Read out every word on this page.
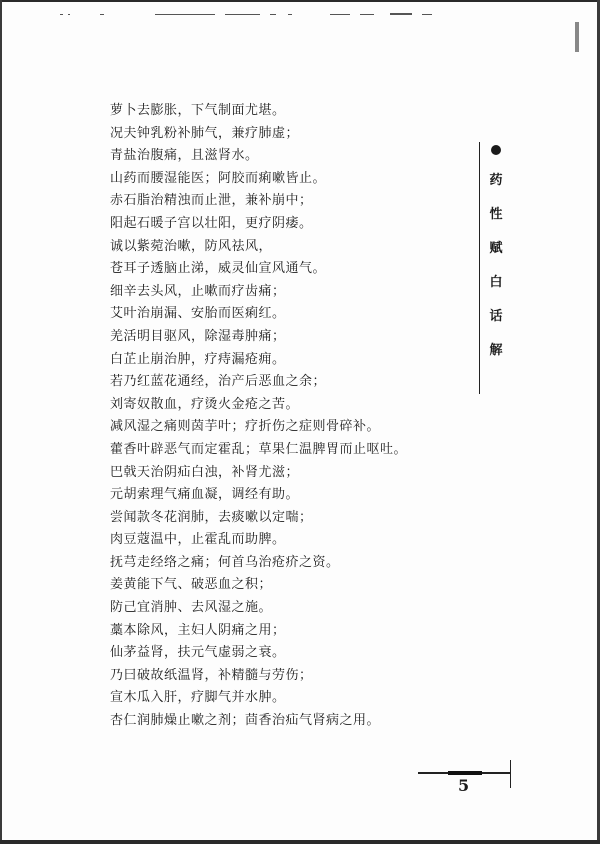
萝卜去膨胀，下气制面尤堪。
况夫钟乳粉补肺气，兼疗肺虚；
青盐治腹痛，且滋肾水。
山药而腰湿能医；阿胶而痢嗽皆止。
赤石脂治精浊而止泄，兼补崩中；
阳起石暖子宫以壮阳，更疗阴痿。
诚以紫菀治嗽，防风祛风，
苍耳子透脑止涕，威灵仙宣风通气。
细辛去头风，止嗽而疗齿痛；
艾叶治崩漏、安胎而医痢红。
羌活明目驱风，除湿毒肿痛；
白芷止崩治肿，疗痔漏疮痈。
若乃红蓝花通经，治产后恶血之余；
刘寄奴散血，疗烫火金疮之苦。
减风湿之痛则茵芋叶；疗折伤之症则骨碎补。
藿香叶辟恶气而定霍乱；草果仁温脾胃而止呕吐。
巴戟天治阴疝白浊，补肾尤滋；
元胡索理气痛血凝，调经有助。
尝闻款冬花润肺，去痰嗽以定喘；
肉豆蔻温中，止霍乱而助脾。
抚芎走经络之痛；何首乌治疮疥之资。
姜黄能下气、破恶血之积；
防己宜消肿、去风湿之施。
藁本除风，主妇人阴痛之用；
仙茅益肾，扶元气虚弱之衰。
乃曰破故纸温肾，补精髓与劳伤；
宣木瓜入肝，疗脚气并水肿。
杏仁润肺燥止嗽之剂；茴香治疝气肾病之用。
药
性
赋
白
话
解
5
